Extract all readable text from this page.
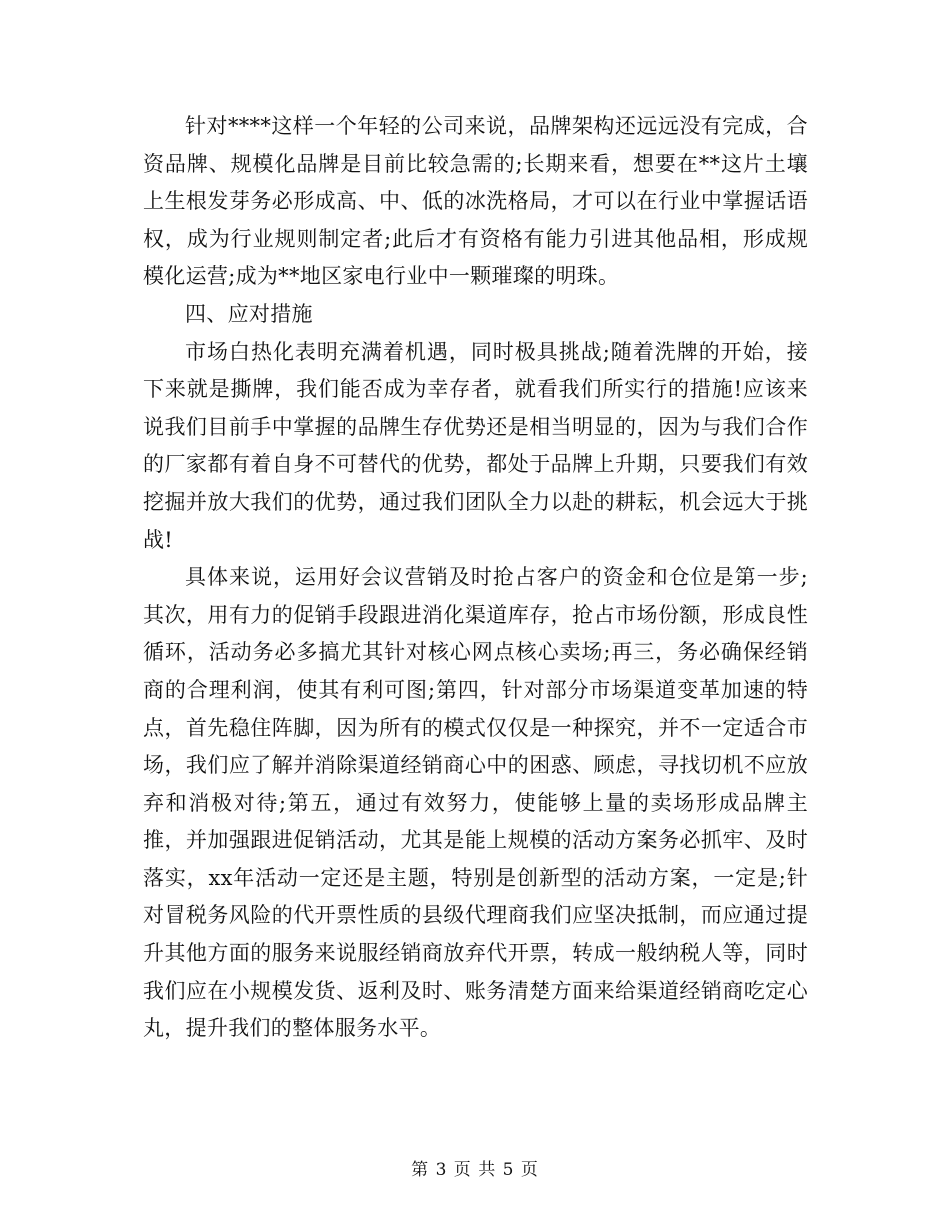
针对****这样一个年轻的公司来说，品牌架构还远远没有完成，合资品牌、规模化品牌是目前比较急需的;长期来看，想要在**这片土壤上生根发芽务必形成高、中、低的冰洗格局，才可以在行业中掌握话语权，成为行业规则制定者;此后才有资格有能力引进其他品相，形成规模化运营;成为**地区家电行业中一颗璀璨的明珠。

四、应对措施

市场白热化表明充满着机遇，同时极具挑战;随着洗牌的开始，接下来就是撕牌，我们能否成为幸存者，就看我们所实行的措施!应该来说我们目前手中掌握的品牌生存优势还是相当明显的，因为与我们合作的厂家都有着自身不可替代的优势，都处于品牌上升期，只要我们有效挖掘并放大我们的优势，通过我们团队全力以赴的耕耘，机会远大于挑战!

具体来说，运用好会议营销及时抢占客户的资金和仓位是第一步;其次，用有力的促销手段跟进消化渠道库存，抢占市场份额，形成良性循环，活动务必多搞尤其针对核心网点核心卖场;再三，务必确保经销商的合理利润，使其有利可图;第四，针对部分市场渠道变革加速的特点，首先稳住阵脚，因为所有的模式仅仅是一种探究，并不一定适合市场，我们应了解并消除渠道经销商心中的困惑、顾虑，寻找切机不应放弃和消极对待;第五，通过有效努力，使能够上量的卖场形成品牌主推，并加强跟进促销活动，尤其是能上规模的活动方案务必抓牢、及时落实，xx年活动一定还是主题，特别是创新型的活动方案，一定是;针对冒税务风险的代开票性质的县级代理商我们应坚决抵制，而应通过提升其他方面的服务来说服经销商放弃代开票，转成一般纳税人等，同时我们应在小规模发货、返利及时、账务清楚方面来给渠道经销商吃定心丸，提升我们的整体服务水平。

第 3 页 共 5 页
